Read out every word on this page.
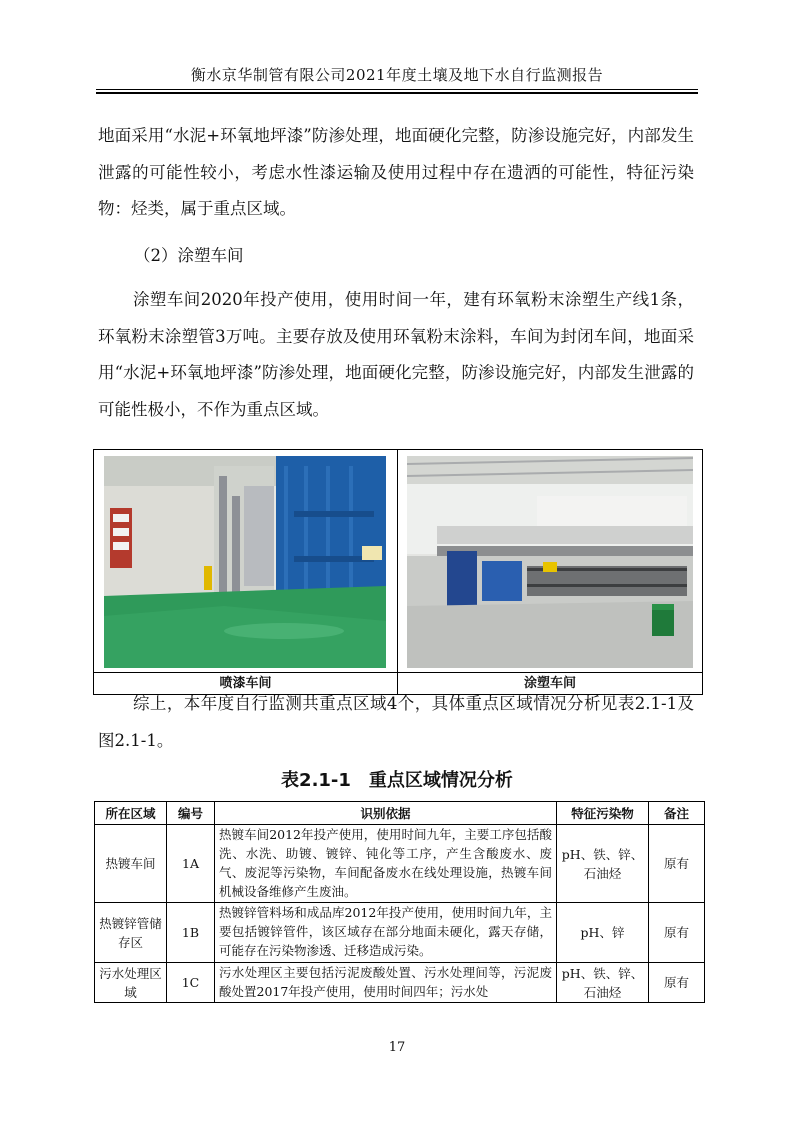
衡水京华制管有限公司2021年度土壤及地下水自行监测报告

地面采用“水泥+环氧地坪漆”防渗处理，地面硬化完整，防渗设施完好，内部发生泄露的可能性较小，考虑水性漆运输及使用过程中存在遗洒的可能性，特征污染物：烃类，属于重点区域。

（2）涂塑车间

涂塑车间2020年投产使用，使用时间一年，建有环氧粉末涂塑生产线1条，环氧粉末涂塑管3万吨。主要存放及使用环氧粉末涂料，车间为封闭车间，地面采用“水泥+环氧地坪漆”防渗处理，地面硬化完整，防渗设施完好，内部发生泄露的可能性极小，不作为重点区域。

喷漆车间	涂塑车间

综上，本年度自行监测共重点区域4个，具体重点区域情况分析见表2.1-1及图2.1-1。

表2.1-1　重点区域情况分析
所在区域	编号	识别依据	特征污染物	备注
热镀车间	1A	热镀车间2012年投产使用，使用时间九年，主要工序包括酸洗、水洗、助镀、镀锌、钝化等工序，产生含酸废水、废气、废泥等污染物，车间配备废水在线处理设施，热镀车间机械设备维修产生废油。	pH、铁、锌、石油烃	原有
热镀锌管储存区	1B	热镀锌管料场和成品库2012年投产使用，使用时间九年，主要包括镀锌管件，该区域存在部分地面未硬化，露天存储，可能存在污染物渗透、迁移造成污染。	pH、锌	原有
污水处理区域	1C	污水处理区主要包括污泥废酸处置、污水处理间等，污泥废酸处置2017年投产使用，使用时间四年；污水处	pH、铁、锌、石油烃	原有
17
